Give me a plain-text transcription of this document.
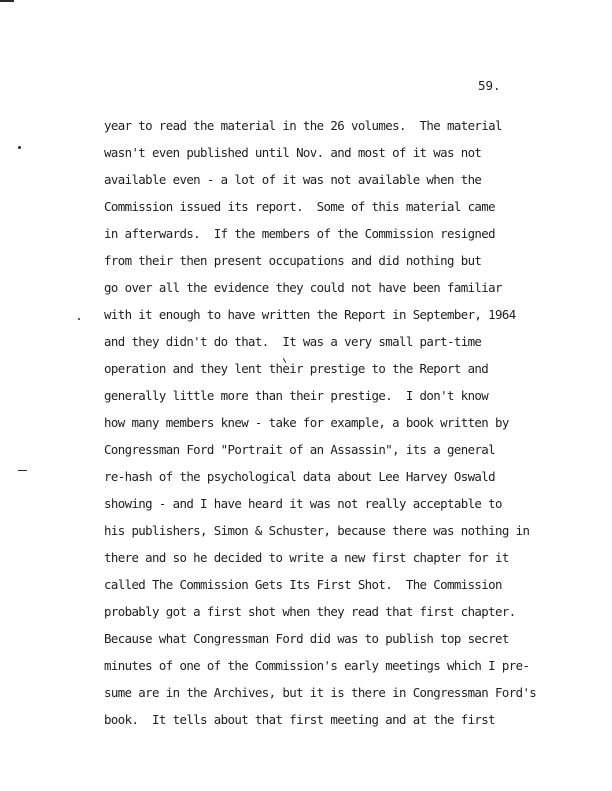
59.
year to read the material in the 26 volumes.  The material
wasn't even published until Nov. and most of it was not
available even - a lot of it was not available when the
Commission issued its report.  Some of this material came
in afterwards.  If the members of the Commission resigned
from their then present occupations and did nothing but
go over all the evidence they could not have been familiar
with it enough to have written the Report in September, 1964
and they didn't do that.  It was a very small part-time
operation and they lent their prestige to the Report and
generally little more than their prestige.  I don't know
how many members knew - take for example, a book written by
Congressman Ford "Portrait of an Assassin", its a general
re-hash of the psychological data about Lee Harvey Oswald
showing - and I have heard it was not really acceptable to
his publishers, Simon & Schuster, because there was nothing in
there and so he decided to write a new first chapter for it
called The Commission Gets Its First Shot.  The Commission
probably got a first shot when they read that first chapter.
Because what Congressman Ford did was to publish top secret
minutes of one of the Commission's early meetings which I pre-
sume are in the Archives, but it is there in Congressman Ford's
book.  It tells about that first meeting and at the first
